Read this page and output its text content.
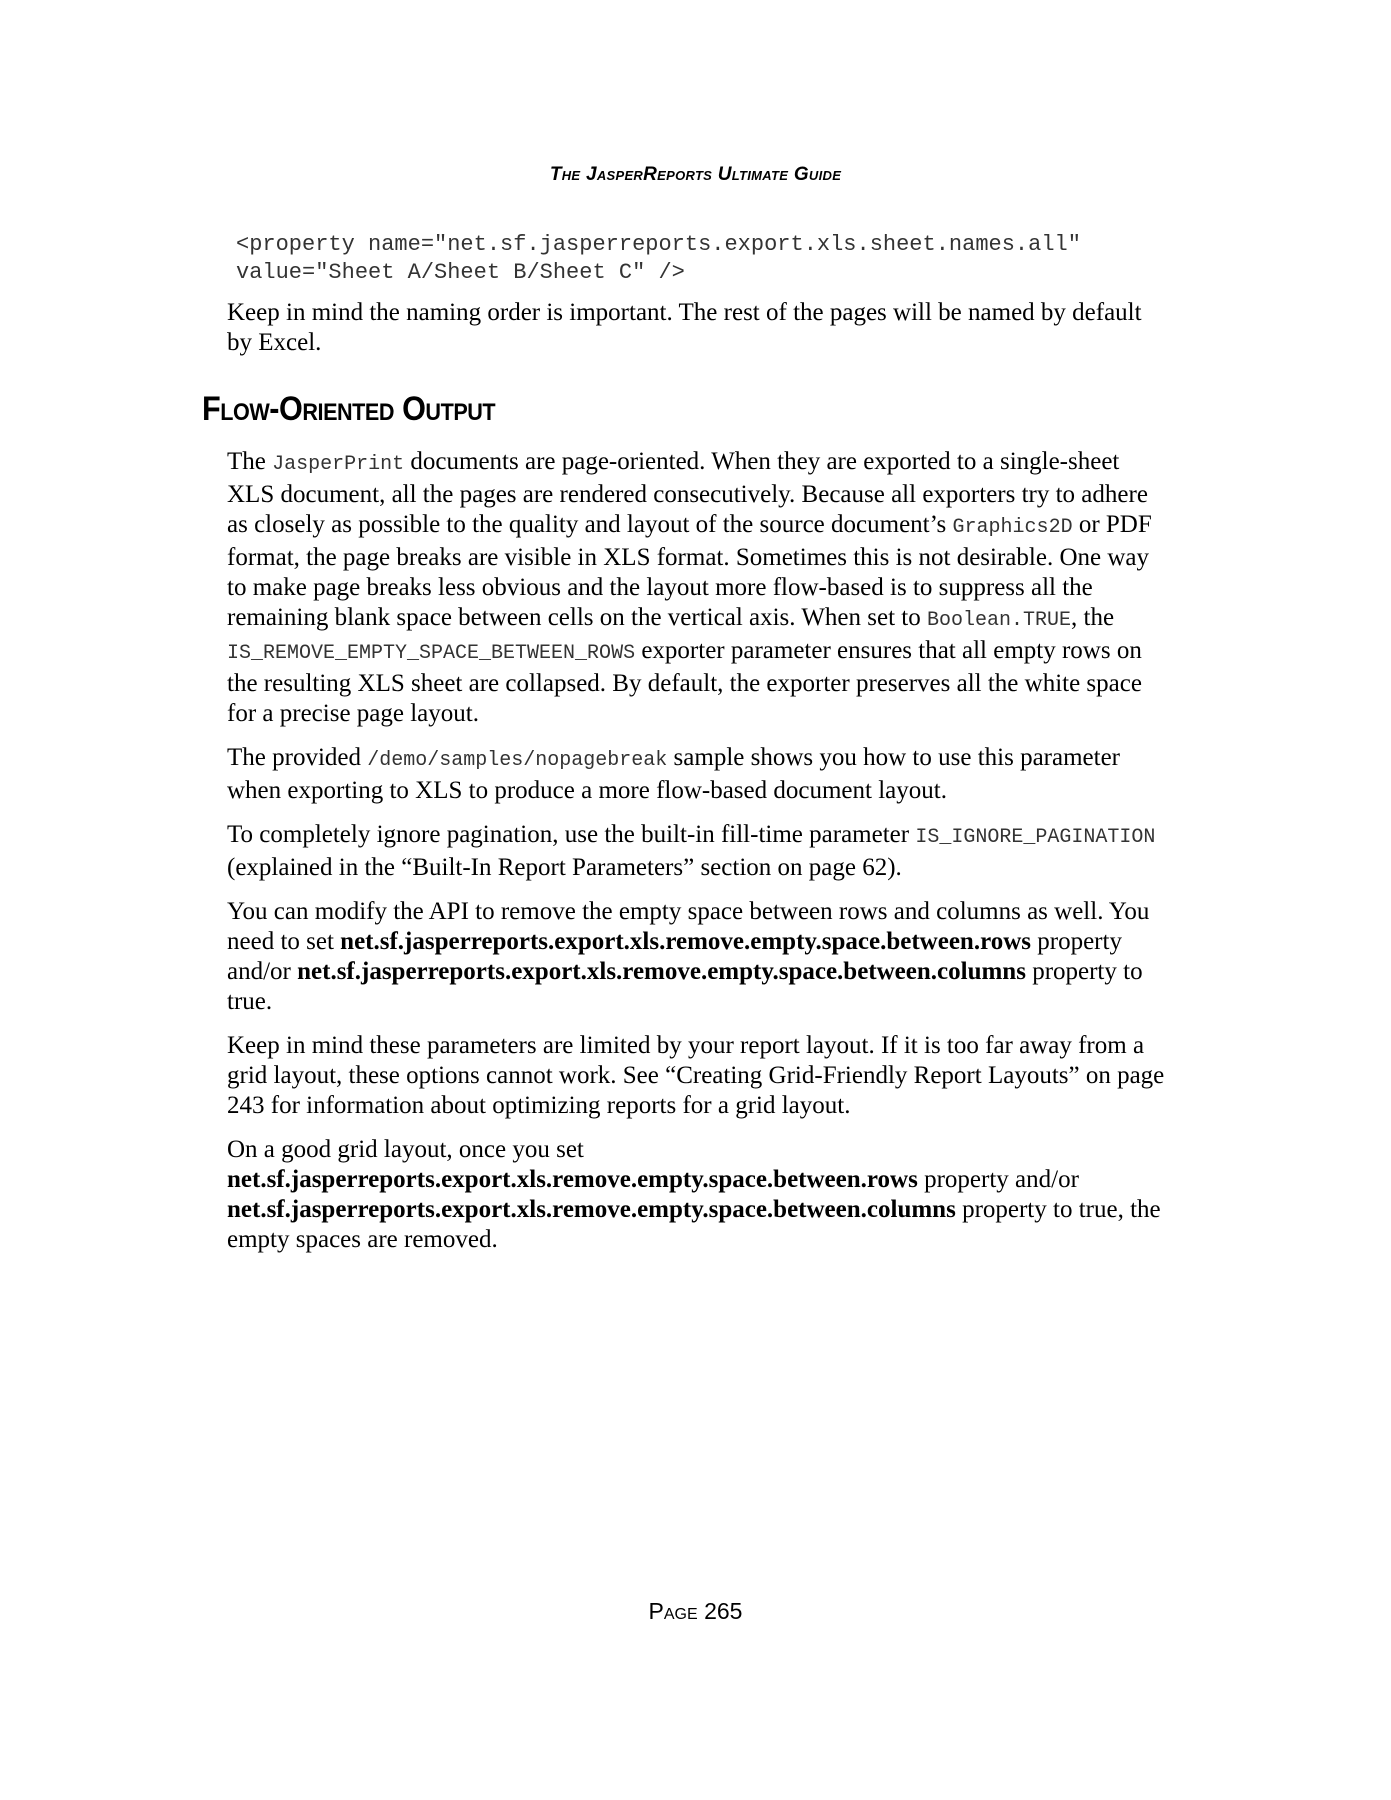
The JasperReports Ultimate Guide
<property name="net.sf.jasperreports.export.xls.sheet.names.all"
value="Sheet A/Sheet B/Sheet C" />

Keep in mind the naming order is important. The rest of the pages will be named by default by Excel.

Flow-Oriented Output

The JasperPrint documents are page-oriented. When they are exported to a single-sheet XLS document, all the pages are rendered consecutively. Because all exporters try to adhere as closely as possible to the quality and layout of the source document’s Graphics2D or PDF format, the page breaks are visible in XLS format. Sometimes this is not desirable. One way to make page breaks less obvious and the layout more flow-based is to suppress all the remaining blank space between cells on the vertical axis. When set to Boolean.TRUE, the IS_REMOVE_EMPTY_SPACE_BETWEEN_ROWS exporter parameter ensures that all empty rows on the resulting XLS sheet are collapsed. By default, the exporter preserves all the white space for a precise page layout.

The provided /demo/samples/nopagebreak sample shows you how to use this parameter when exporting to XLS to produce a more flow-based document layout.

To completely ignore pagination, use the built-in fill-time parameter IS_IGNORE_PAGINATION (explained in the “Built-In Report Parameters” section on page 62).

You can modify the API to remove the empty space between rows and columns as well. You need to set net.sf.jasperreports.export.xls.remove.empty.space.between.rows property and/or net.sf.jasperreports.export.xls.remove.empty.space.between.columns property to true.

Keep in mind these parameters are limited by your report layout. If it is too far away from a grid layout, these options cannot work. See “Creating Grid-Friendly Report Layouts” on page 243 for information about optimizing reports for a grid layout.

On a good grid layout, once you set net.sf.jasperreports.export.xls.remove.empty.space.between.rows property and/or net.sf.jasperreports.export.xls.remove.empty.space.between.columns property to true, the empty spaces are removed.

Page 265
